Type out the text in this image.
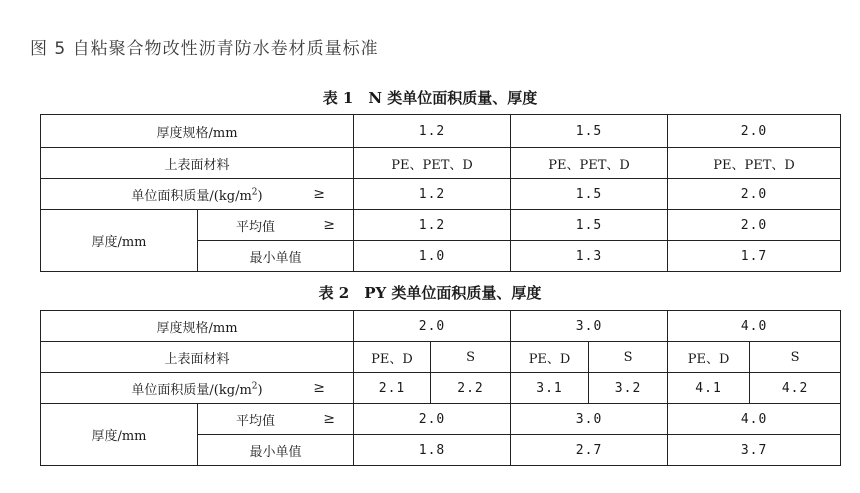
图 5 自粘聚合物改性沥青防水卷材质量标准
表 1　N 类单位面积质量、厚度
厚度规格/mm		1.2	1.5	2.0
上表面材料		PE、PET、D	PE、PET、D	PE、PET、D
单位面积质量$/(kg/m^2)$ ≥		1.2	1.5	2.0
厚度/mm	平均值 ≥	1.2	1.5	2.0
	最小单值	1.0	1.3	1.7
表 2　PY 类单位面积质量、厚度
厚度规格/mm		2.0		3.0		4.0	
上表面材料		PE、D	S	PE、D	S	PE、D	S
单位面积质量$/(kg/m^2)$ ≥		2.1	2.2	3.1	3.2	4.1	4.2
厚度/mm	平均值 ≥	2.0		3.0		4.0	
	最小单值	1.8		2.7		3.7	
